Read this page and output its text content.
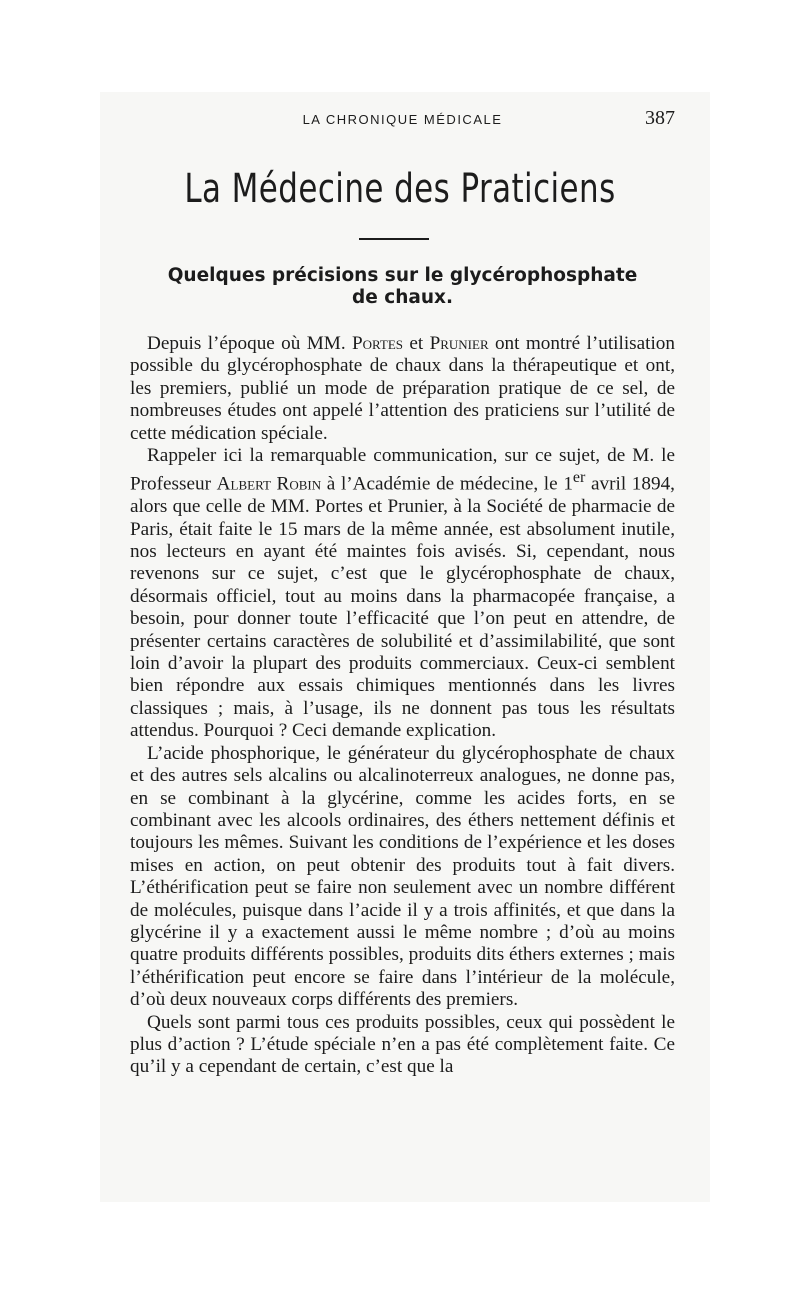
LA CHRONIQUE MÉDICALE	387
La Médecine des Praticiens
Quelques précisions sur le glycérophosphate
de chaux.

Depuis l’époque où MM. Portes et Prunier ont montré l’utilisation possible du glycérophosphate de chaux dans la thérapeutique et ont, les premiers, publié un mode de préparation pratique de ce sel, de nombreuses études ont appelé l’attention des praticiens sur l’utilité de cette médication spéciale.

Rappeler ici la remarquable communication, sur ce sujet, de M. le Professeur Albert Robin à l’Académie de médecine, le 1er avril 1894, alors que celle de MM. Portes et Prunier, à la Société de pharmacie de Paris, était faite le 15 mars de la même année, est absolument inutile, nos lecteurs en ayant été maintes fois avisés. Si, cependant, nous revenons sur ce sujet, c’est que le glycérophosphate de chaux, désormais officiel, tout au moins dans la pharmacopée française, a besoin, pour donner toute l’efficacité que l’on peut en attendre, de présenter certains caractères de solubilité et d’assimilabilité, que sont loin d’avoir la plupart des produits commerciaux. Ceux-ci semblent bien répondre aux essais chimiques mentionnés dans les livres classiques ; mais, à l’usage, ils ne donnent pas tous les résultats attendus. Pourquoi ? Ceci demande explication.

L’acide phosphorique, le générateur du glycérophosphate de chaux et des autres sels alcalins ou alcalinoterreux analogues, ne donne pas, en se combinant à la glycérine, comme les acides forts, en se combinant avec les alcools ordinaires, des éthers nettement définis et toujours les mêmes. Suivant les conditions de l’expérience et les doses mises en action, on peut obtenir des produits tout à fait divers. L’éthérification peut se faire non seulement avec un nombre différent de molécules, puisque dans l’acide il y a trois affinités, et que dans la glycérine il y a exactement aussi le même nombre ; d’où au moins quatre produits différents possibles, produits dits éthers externes ; mais l’éthérification peut encore se faire dans l’intérieur de la molécule, d’où deux nouveaux corps différents des premiers.

Quels sont parmi tous ces produits possibles, ceux qui possèdent le plus d’action ? L’étude spéciale n’en a pas été complètement faite. Ce qu’il y a cependant de certain, c’est que la
